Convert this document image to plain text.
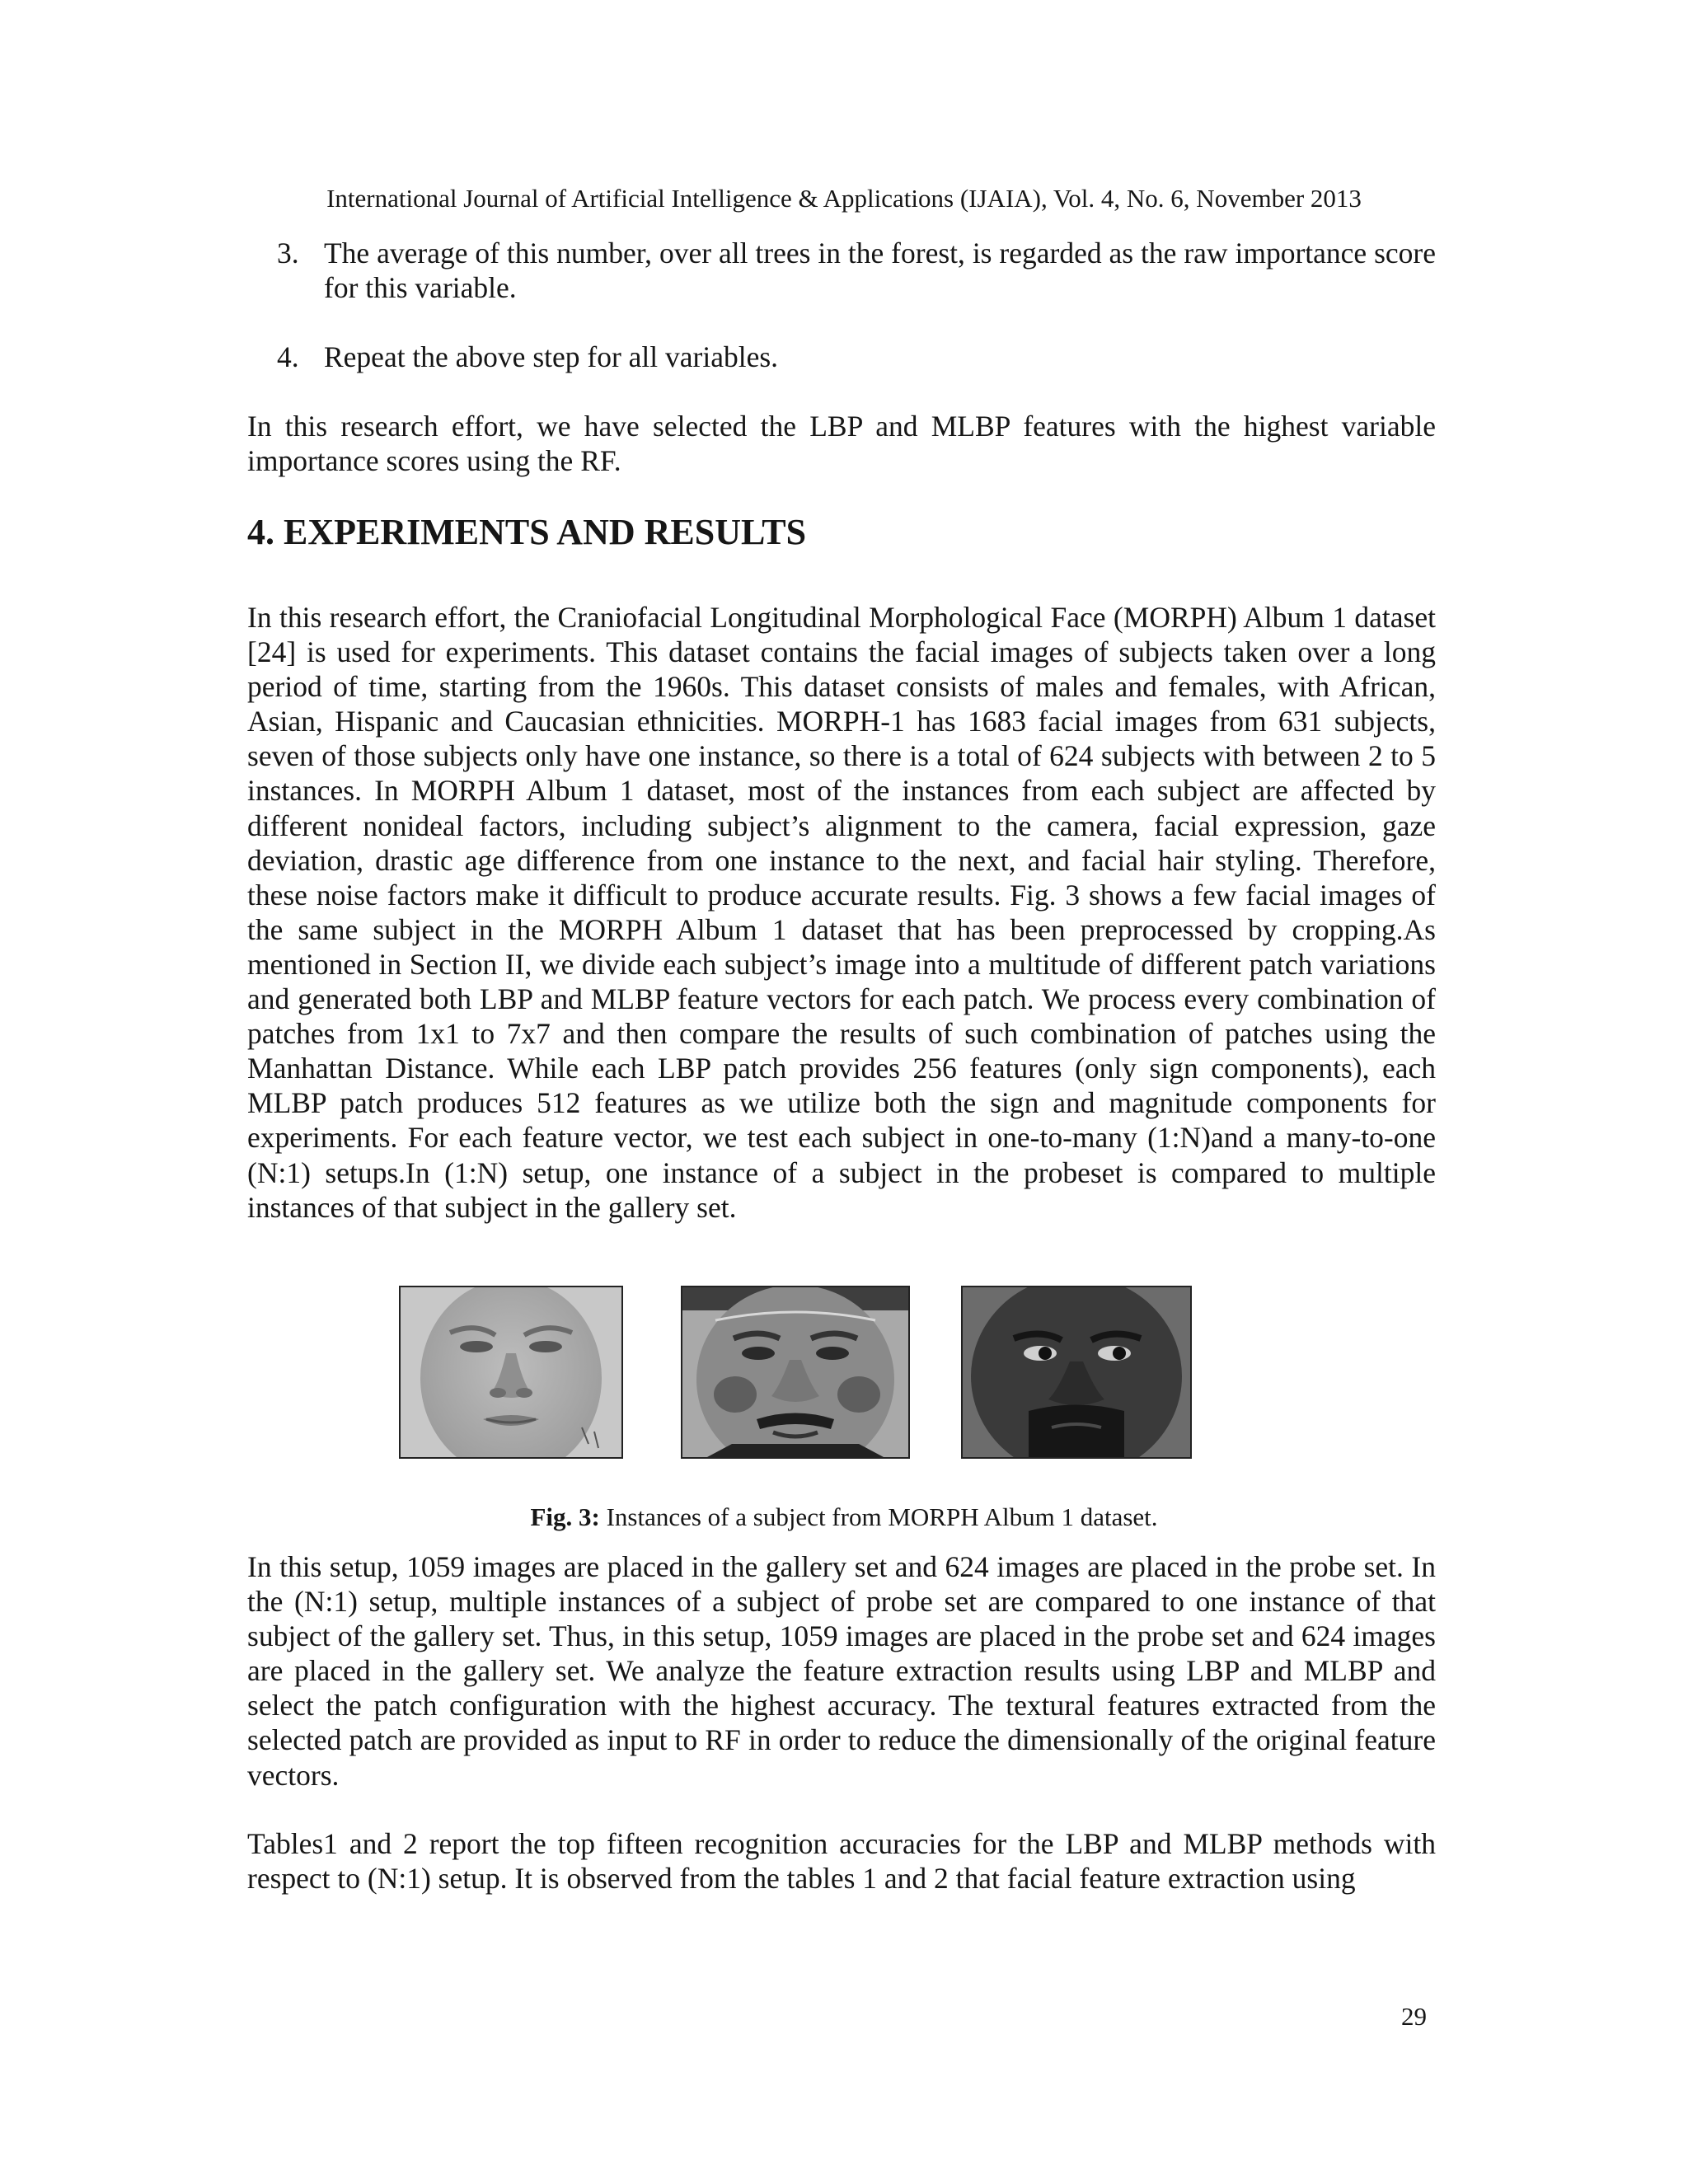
International Journal of Artificial Intelligence & Applications (IJAIA), Vol. 4, No. 6, November 2013
3. The average of this number, over all trees in the forest, is regarded as the raw importance score for this variable.
4. Repeat the above step for all variables.
In this research effort, we have selected the LBP and MLBP features with the highest variable importance scores using the RF.
4. EXPERIMENTS AND RESULTS
In this research effort, the Craniofacial Longitudinal Morphological Face (MORPH) Album 1 dataset [24] is used for experiments. This dataset contains the facial images of subjects taken over a long period of time, starting from the 1960s. This dataset consists of males and females, with African, Asian, Hispanic and Caucasian ethnicities. MORPH-1 has 1683 facial images from 631 subjects, seven of those subjects only have one instance, so there is a total of 624 subjects with between 2 to 5 instances. In MORPH Album 1 dataset, most of the instances from each subject are affected by different nonideal factors, including subject’s alignment to the camera, facial expression, gaze deviation, drastic age difference from one instance to the next, and facial hair styling. Therefore, these noise factors make it difficult to produce accurate results. Fig. 3 shows a few facial images of the same subject in the MORPH Album 1 dataset that has been preprocessed by cropping.As mentioned in Section II, we divide each subject’s image into a multitude of different patch variations and generated both LBP and MLBP feature vectors for each patch. We process every combination of patches from 1x1 to 7x7 and then compare the results of such combination of patches using the Manhattan Distance. While each LBP patch provides 256 features (only sign components), each MLBP patch produces 512 features as we utilize both the sign and magnitude components for experiments. For each feature vector, we test each subject in one-to-many (1:N)and a many-to-one (N:1) setups.In (1:N) setup, one instance of a subject in the probeset is compared to multiple instances of that subject in the gallery set.
Fig. 3: Instances of a subject from MORPH Album 1 dataset.
In this setup, 1059 images are placed in the gallery set and 624 images are placed in the probe set. In the (N:1) setup, multiple instances of a subject of probe set are compared to one instance of that subject of the gallery set. Thus, in this setup, 1059 images are placed in the probe set and 624 images are placed in the gallery set. We analyze the feature extraction results using LBP and MLBP and select the patch configuration with the highest accuracy. The textural features extracted from the selected patch are provided as input to RF in order to reduce the dimensionally of the original feature vectors.
Tables1 and 2 report the top fifteen recognition accuracies for the LBP and MLBP methods with respect to (N:1) setup. It is observed from the tables 1 and 2 that facial feature extraction using
29
